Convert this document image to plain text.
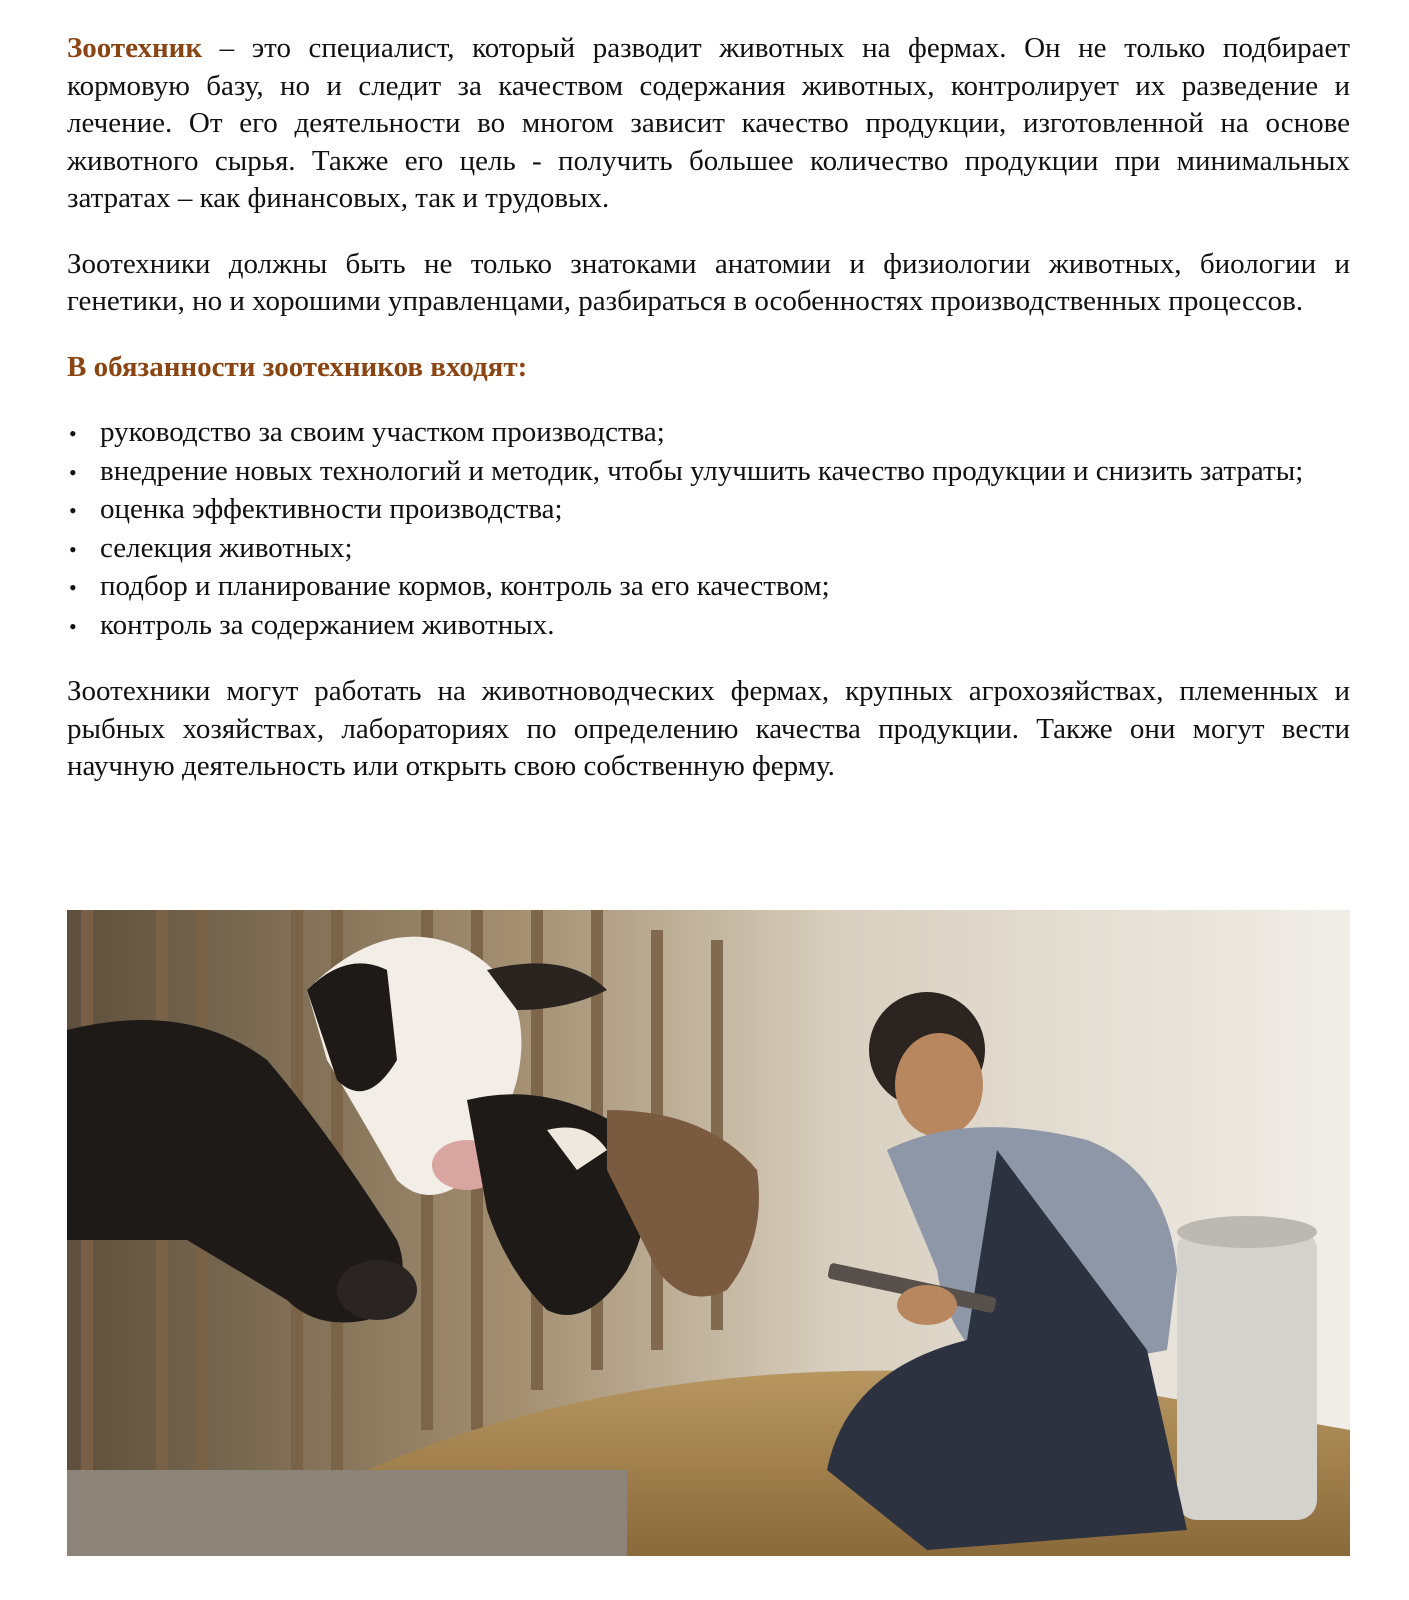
Зоотехник – это специалист, который разводит животных на фермах. Он не только подбирает кормовую базу, но и следит за качеством содержания животных, контролирует их разведение и лечение. От его деятельности во многом зависит качество продукции, изготовленной на основе животного сырья. Также его цель - получить большее количество продукции при минимальных затратах – как финансовых, так и трудовых.

Зоотехники должны быть не только знатоками анатомии и физиологии животных, биологии и генетики, но и хорошими управленцами, разбираться в особенностях производственных процессов.

В обязанности зоотехников входят:
•руководство за своим участком производства;
•внедрение новых технологий и методик, чтобы улучшить качество продукции и снизить затраты;
•оценка эффективности производства;
•селекция животных;
•подбор и планирование кормов, контроль за его качеством;
•контроль за содержанием животных.

Зоотехники могут работать на животноводческих фермах, крупных агрохозяйствах, племенных и рыбных хозяйствах, лабораториях по определению качества продукции. Также они могут вести научную деятельность или открыть свою собственную ферму.
